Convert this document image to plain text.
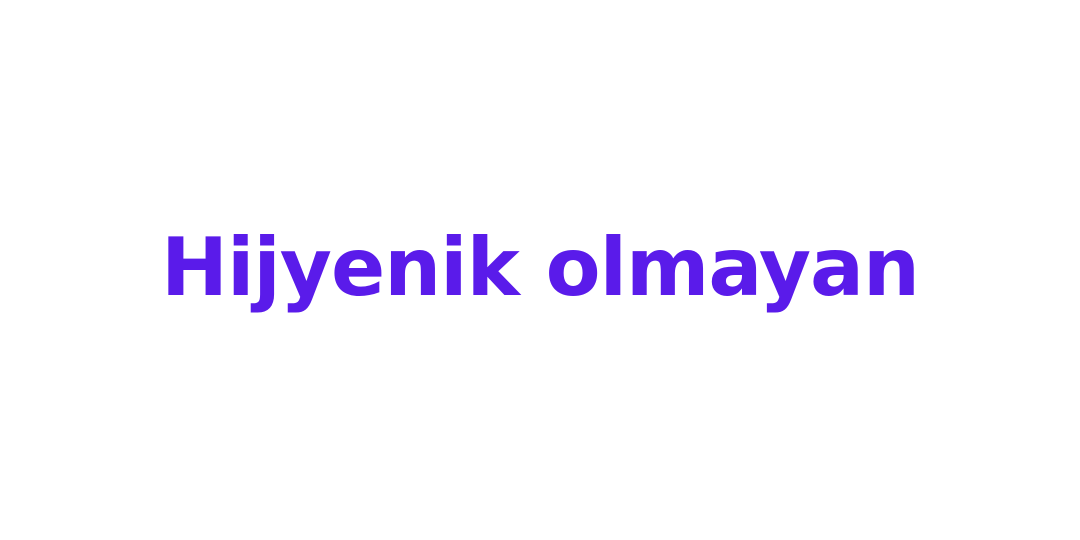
Hijyenik olmayan
